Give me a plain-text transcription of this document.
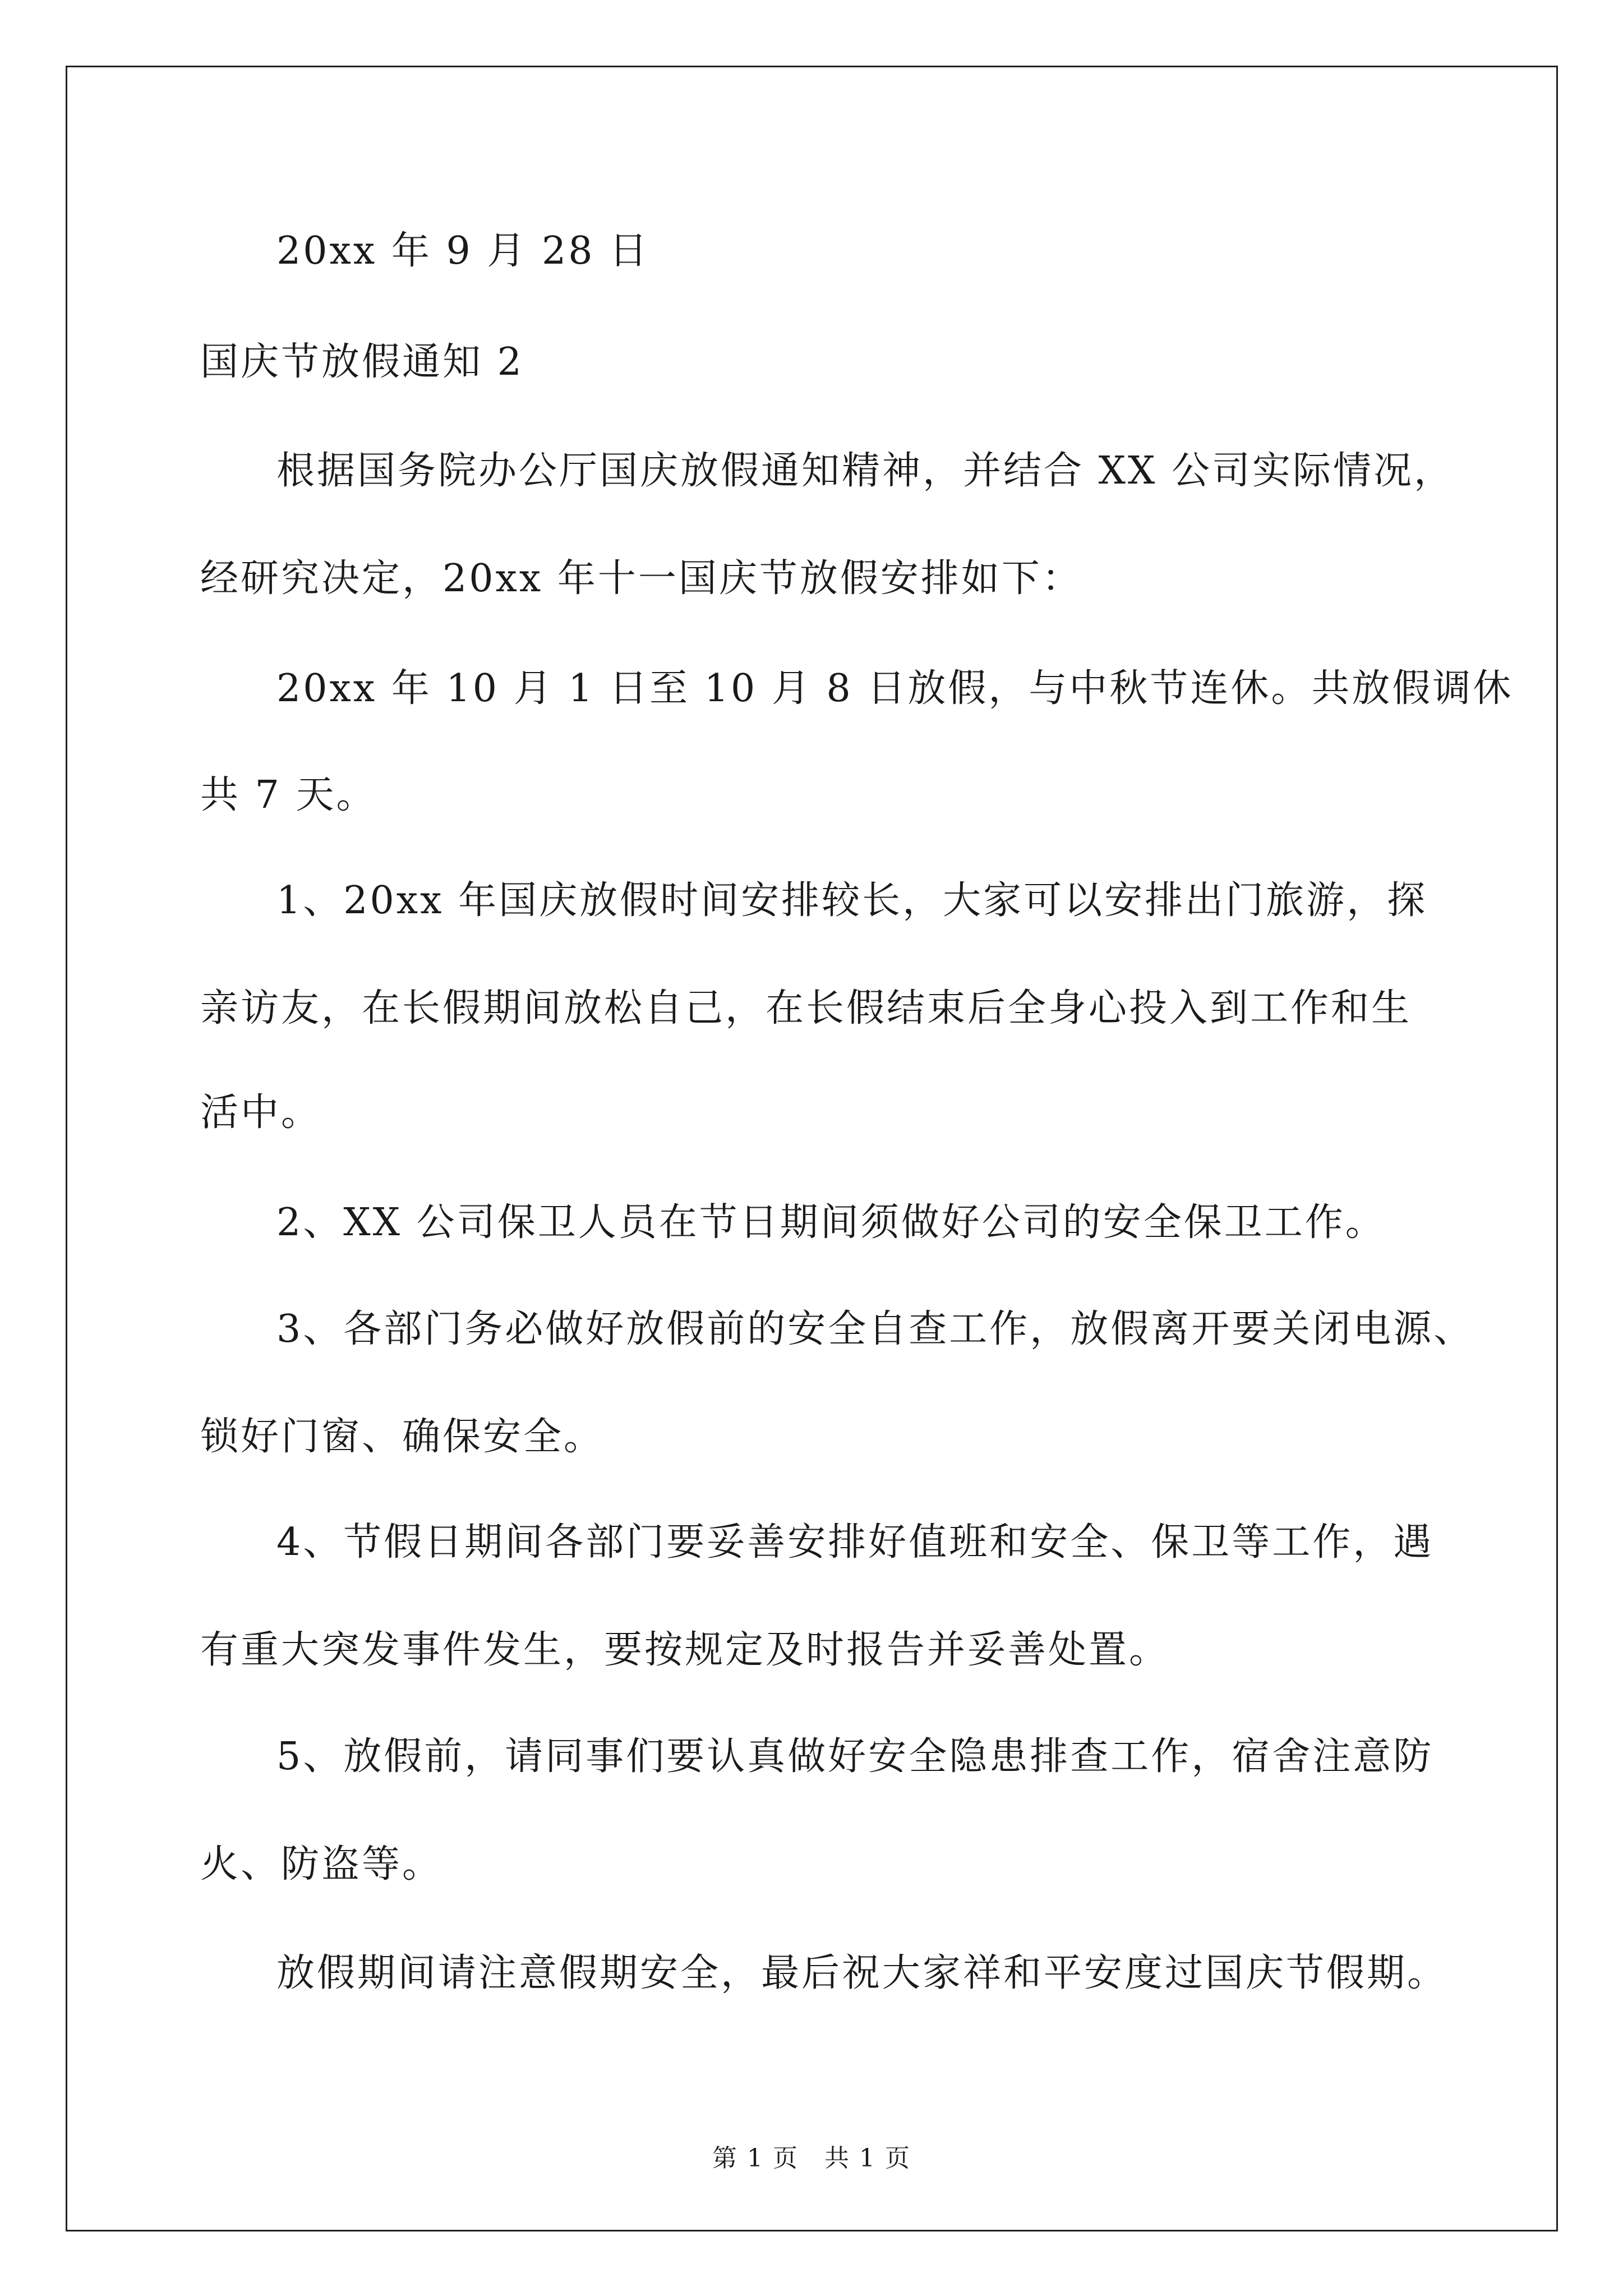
20xx 年 9 月 28 日
国庆节放假通知 2
根据国务院办公厅国庆放假通知精神，并结合 XX 公司实际情况，
经研究决定，20xx 年十一国庆节放假安排如下：
20xx 年 10 月 1 日至 10 月 8 日放假，与中秋节连休。共放假调休
共 7 天。
1、20xx 年国庆放假时间安排较长，大家可以安排出门旅游，探
亲访友，在长假期间放松自己，在长假结束后全身心投入到工作和生
活中。
2、XX 公司保卫人员在节日期间须做好公司的安全保卫工作。
3、各部门务必做好放假前的安全自查工作，放假离开要关闭电源、
锁好门窗、确保安全。
4、节假日期间各部门要妥善安排好值班和安全、保卫等工作，遇
有重大突发事件发生，要按规定及时报告并妥善处置。
5、放假前，请同事们要认真做好安全隐患排查工作，宿舍注意防
火、防盗等。
放假期间请注意假期安全，最后祝大家祥和平安度过国庆节假期。
第 1 页　共 1 页
